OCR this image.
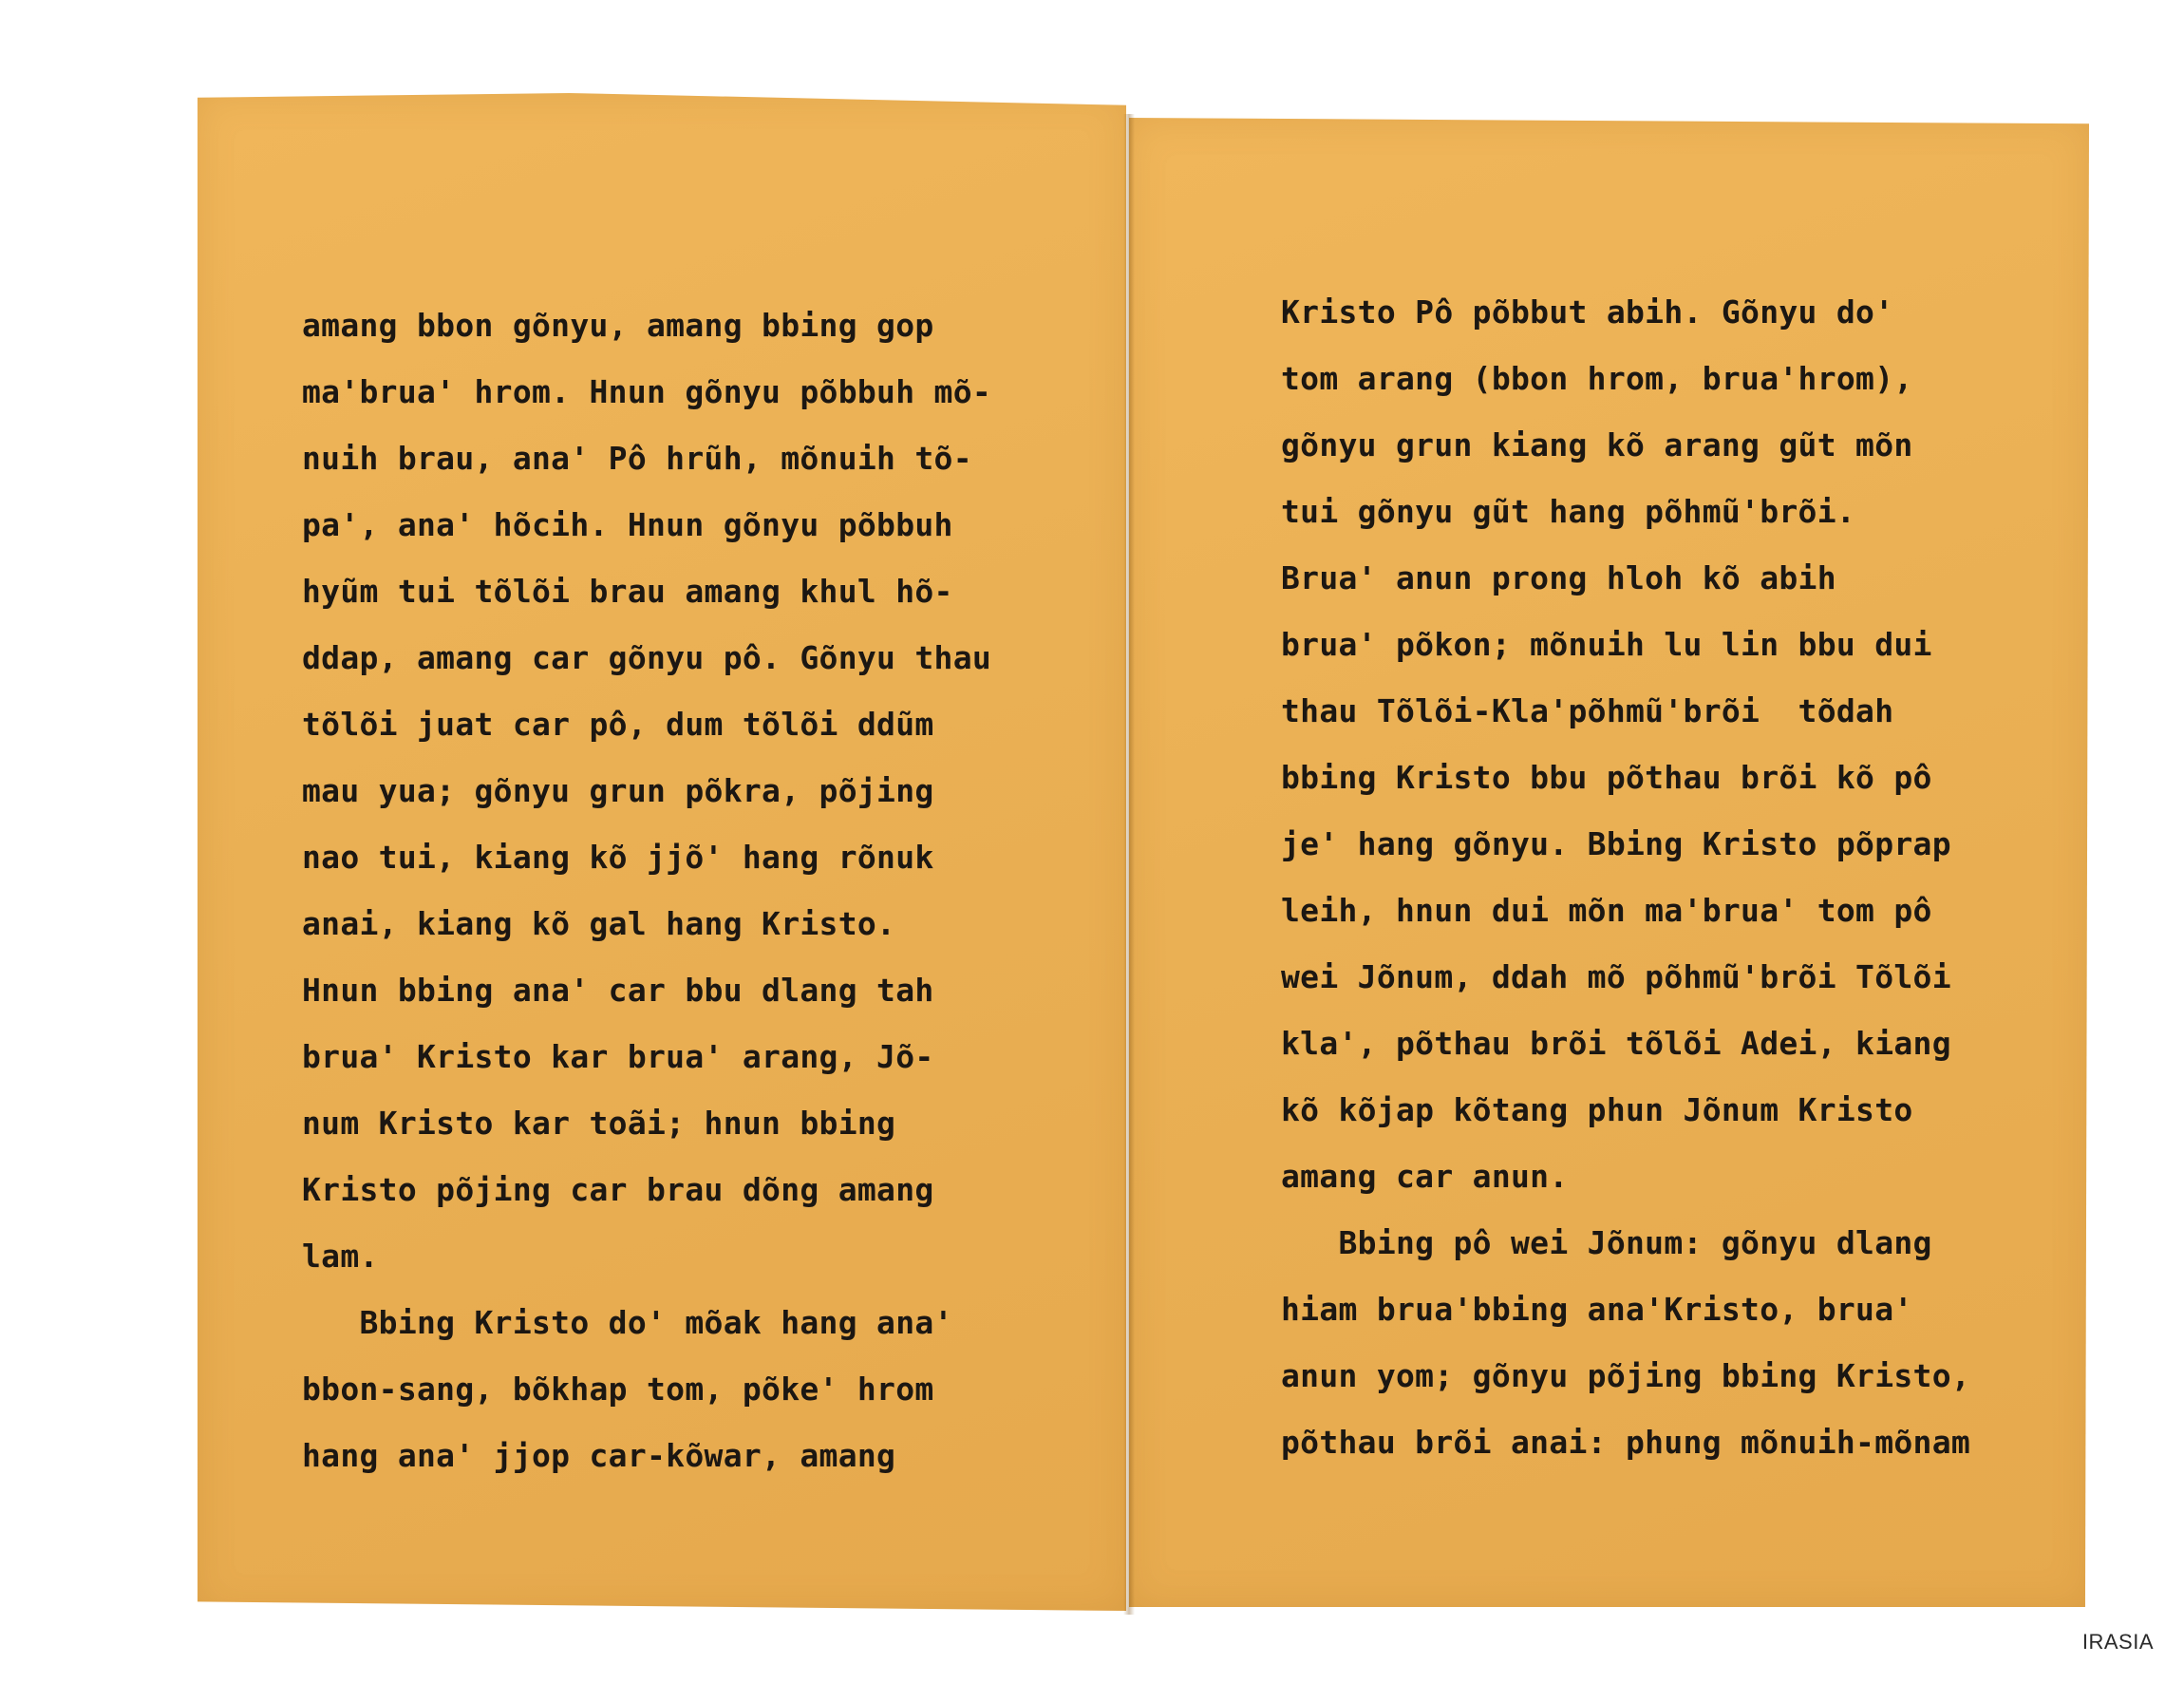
amang bbon gõnyu, amang bbing gop
ma'brua' hrom. Hnun gõnyu põbbuh mõ-
nuih brau, ana' Pô hrũh, mõnuih tõ-
pa', ana' hõcih. Hnun gõnyu põbbuh
hyũm tui tõlõi brau amang khul hõ-
ddap, amang car gõnyu pô. Gõnyu thau
tõlõi juat car pô, dum tõlõi ddũm
mau yua; gõnyu grun põkra, põjing
nao tui, kiang kõ jjõ' hang rõnuk
anai, kiang kõ gal hang Kristo.
Hnun bbing ana' car bbu dlang tah
brua' Kristo kar brua' arang, Jõ-
num Kristo kar toãi; hnun bbing
Kristo põjing car brau dõng amang
lam.
Bbing Kristo do' mõak hang ana'
bbon-sang, bõkhap tom, põke' hrom
hang ana' jjop car-kõwar, amang
Kristo Pô põbbut abih. Gõnyu do'
tom arang (bbon hrom, brua'hrom),
gõnyu grun kiang kõ arang gũt mõn
tui gõnyu gũt hang põhmũ'brõi.
Brua' anun prong hloh kõ abih
brua' põkon; mõnuih lu lin bbu dui
thau Tõlõi-Kla'põhmũ'brõi  tõdah
bbing Kristo bbu põthau brõi kõ pô
je' hang gõnyu. Bbing Kristo põprap
leih, hnun dui mõn ma'brua' tom pô
wei Jõnum, ddah mõ põhmũ'brõi Tõlõi
kla', põthau brõi tõlõi Adei, kiang
kõ kõjap kõtang phun Jõnum Kristo
amang car anun.
Bbing pô wei Jõnum: gõnyu dlang
hiam brua'bbing ana'Kristo, brua'
anun yom; gõnyu põjing bbing Kristo,
põthau brõi anai: phung mõnuih-mõnam
IRASIA
